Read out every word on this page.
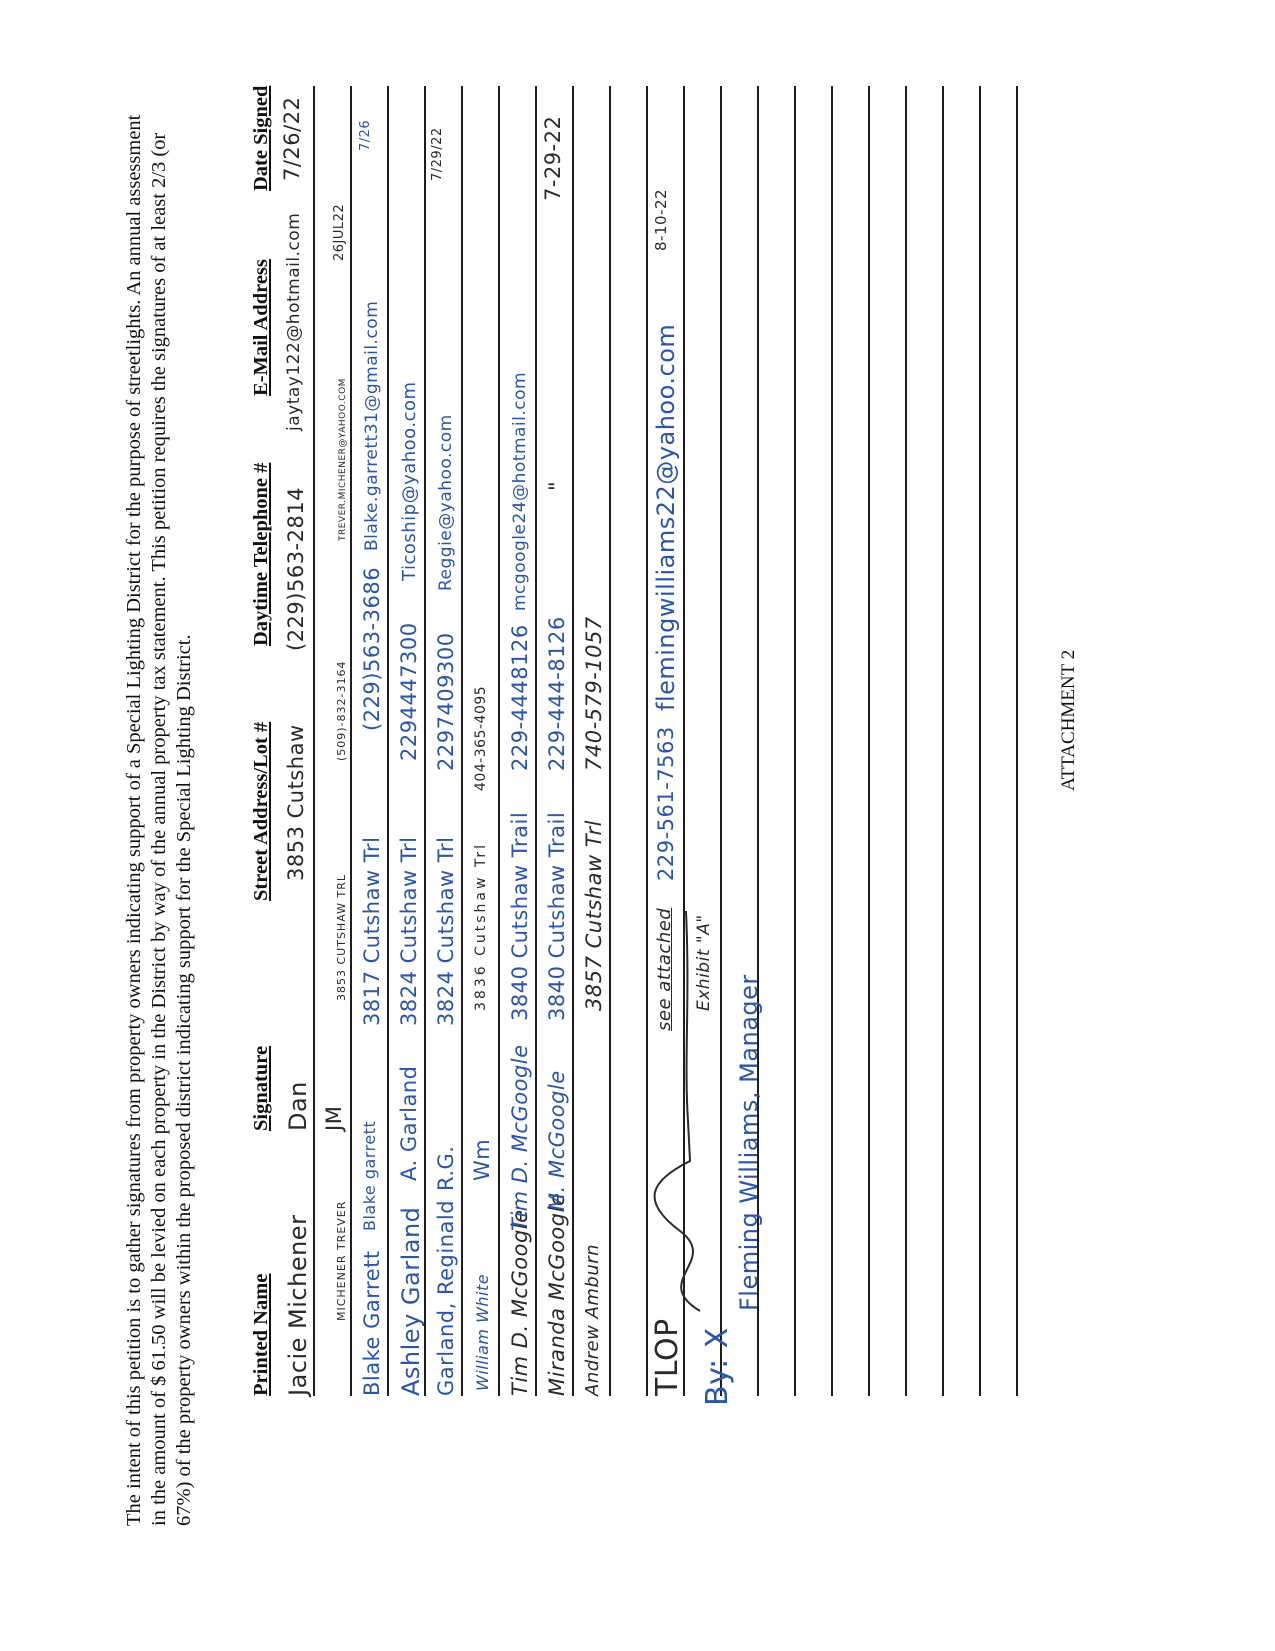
The intent of this petition is to gather signatures from property owners indicating support of a Special Lighting District for the purpose of streetlights. An annual assessment in the amount of $ 61.50 will be levied on each property in the District by way of the annual property tax statement. This petition requires the signatures of at least 2/3 (or 67%) of the property owners within the proposed district indicating support for the Special Lighting District.	Printed Name
Signature
Street Address/Lot #
Daytime Telephone #
E-Mail Address
Date Signed
Jacie Michener
Dan
3853 Cutshaw
(229)563-2814
jaytay122@hotmail.com
7/26/22
MICHENER TREVER
JM
3853 CUTSHAW TRL
(509)-832-3164
TREVER.MICHENER@YAHOO.COM
26JUL22
Blake Garrett
Blake garrett
3817 Cutshaw Trl
(229)563-3686
Blake.garrett31@gmail.com
7/26
Ashley Garland
A. Garland
3824 Cutshaw Trl
2294447300
Ticoship@yahoo.com
Garland, Reginald
R.G.
3824 Cutshaw Trl
2297409300
Reggie@yahoo.com
7/29/22
William White
Wm
3836 Cutshaw Trl
404-365-4095
Tim D. McGoogle
Tim D. McGoogle
3840 Cutshaw Trail
229-4448126
mcgoogle24@hotmail.com
Miranda McGoogle
M. McGoogle
3840 Cutshaw Trail
229-444-8126
"
7-29-22
Andrew Amburn
3857 Cutshaw Trl
740-579-1057
TLOP
see attached
229-561-7563
flemingwilliams22@yahoo.com
8-10-22
By: X
Exhibit "A"
Fleming Williams, Manager
ATTACHMENT 2
